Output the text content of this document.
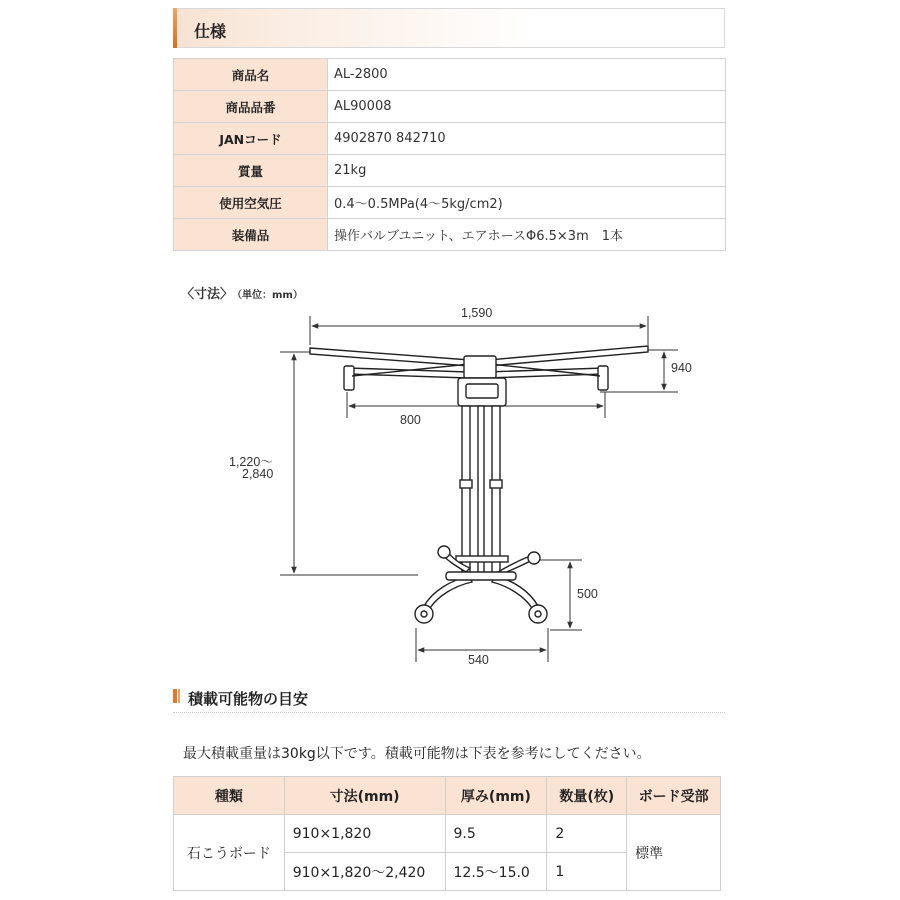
仕様
商品名	AL-2800
商品品番	AL90008
JANコード	4902870 842710
質量	21kg
使用空気圧	0.4～0.5MPa(4～5kg/cm2)
装備品	操作バルブユニット、エアホースΦ6.5×3m　1本
〈寸法〉 （単位：mm）
1,590
940
800
1,220～
2,840
500
540
積載可能物の目安
最大積載重量は30kg以下です。積載可能物は下表を参考にしてください。
種類	寸法(mm)	厚み(mm)	数量(枚)	ボード受部
石こうボード	910×1,820	9.5	2	標準
	910×1,820～2,420	12.5～15.0	1	
